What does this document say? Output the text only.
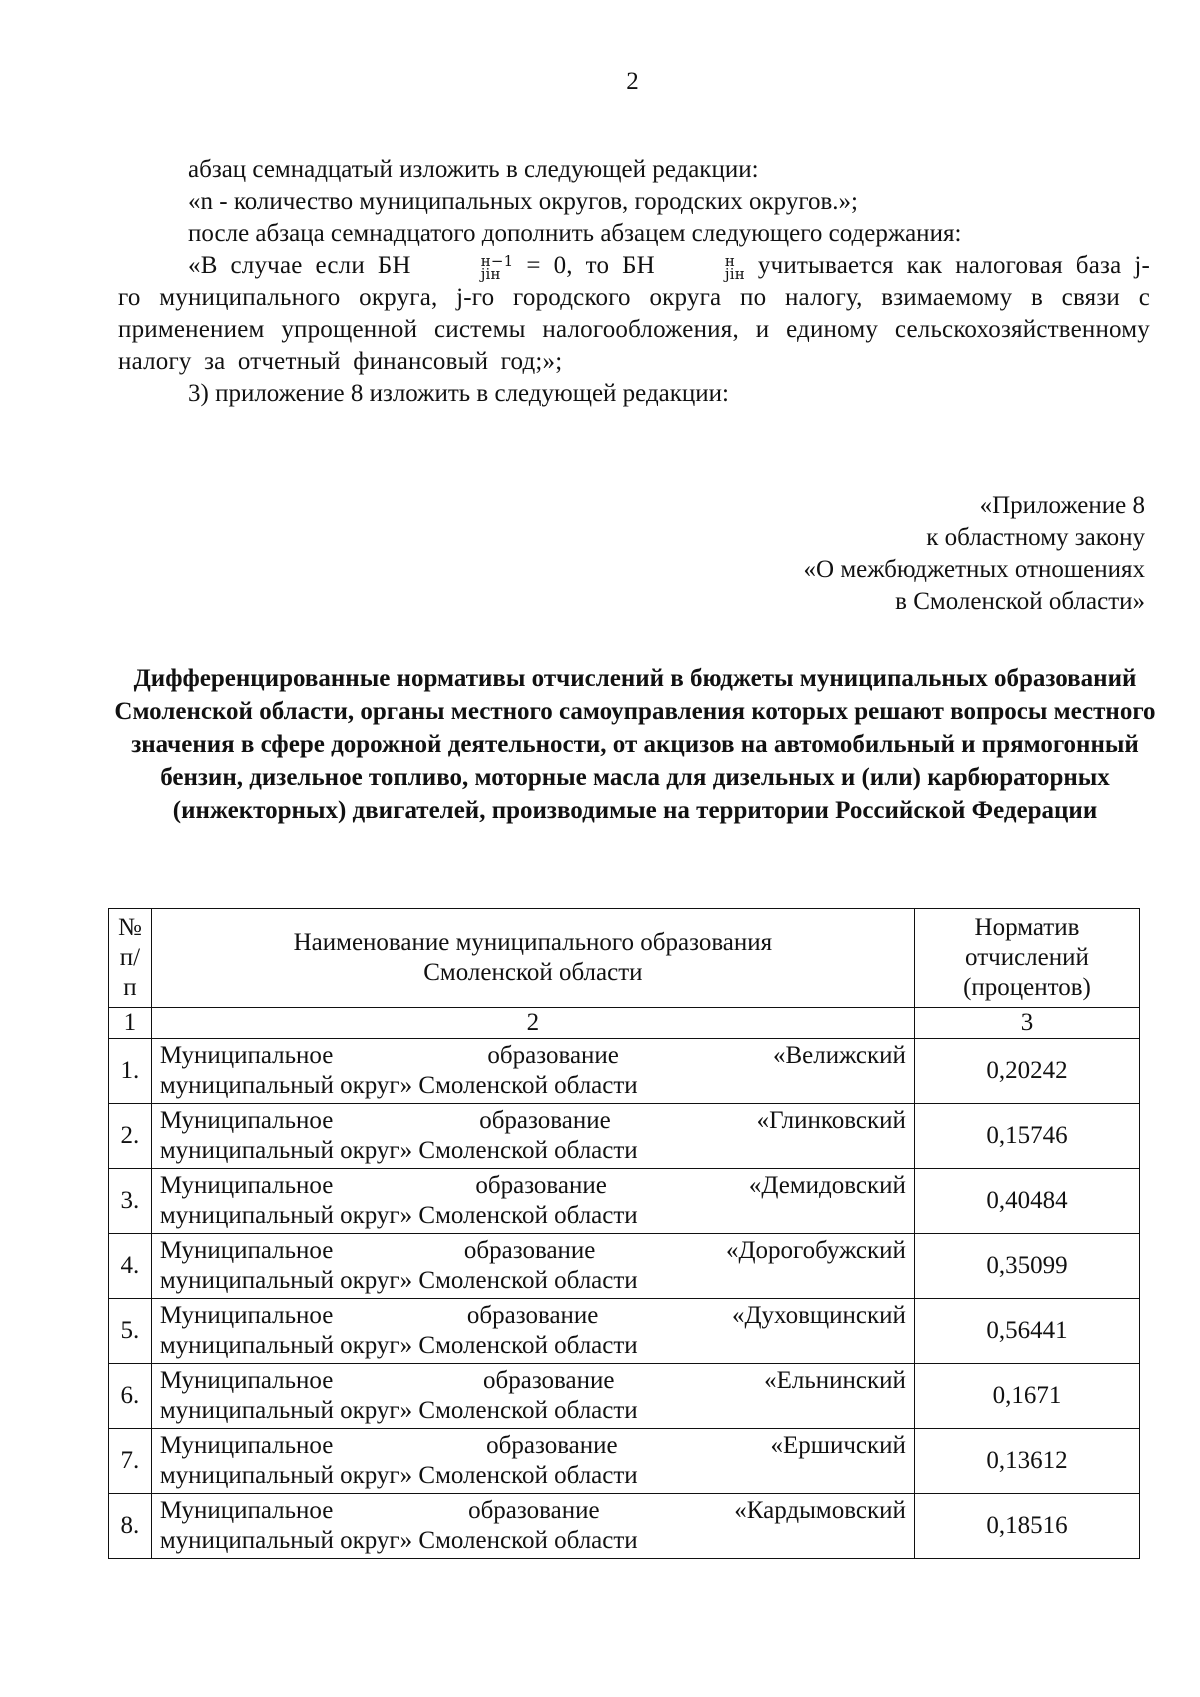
2

абзац семнадцатый изложить в следующей редакции:

«n - количество муниципальных округов, городских округов.»;

после абзаца семнадцатого дополнить абзацем следующего содержания:

«В случае если БН	н−1
jiн = 0, то БН	н
jiн учитывается как налоговая база j-го муниципального округа, j-го городского округа по налогу, взимаемому в связи с применением упрощенной системы налогообложения, и единому сельскохозяйственному налогу за отчетный финансовый год;»;

3) приложение 8 изложить в следующей редакции:

«Приложение 8
к областному закону
«О межбюджетных отношениях
в Смоленской области»
Дифференцированные нормативы отчислений в бюджеты муниципальных образований Смоленской области, органы местного самоуправления которых решают вопросы местного значения в сфере дорожной деятельности, от акцизов на автомобильный и прямогонный бензин, дизельное топливо, моторные масла для дизельных и (или) карбюраторных (инжекторных) двигателей, производимые на территории Российской Федерации
№ п/п	Наименование муниципального образования Смоленской области	Норматив отчислений (процентов)
1	2	3
1.	Муниципальное образование «Велижский
муниципальный округ» Смоленской области	0,20242
2.	Муниципальное образование «Глинковский
муниципальный округ» Смоленской области	0,15746
3.	Муниципальное образование «Демидовский
муниципальный округ» Смоленской области	0,40484
4.	Муниципальное образование «Дорогобужский
муниципальный округ» Смоленской области	0,35099
5.	Муниципальное образование «Духовщинский
муниципальный округ» Смоленской области	0,56441
6.	Муниципальное образование «Ельнинский
муниципальный округ» Смоленской области	0,1671
7.	Муниципальное образование «Ершичский
муниципальный округ» Смоленской области	0,13612
8.	Муниципальное образование «Кардымовский
муниципальный округ» Смоленской области	0,18516
